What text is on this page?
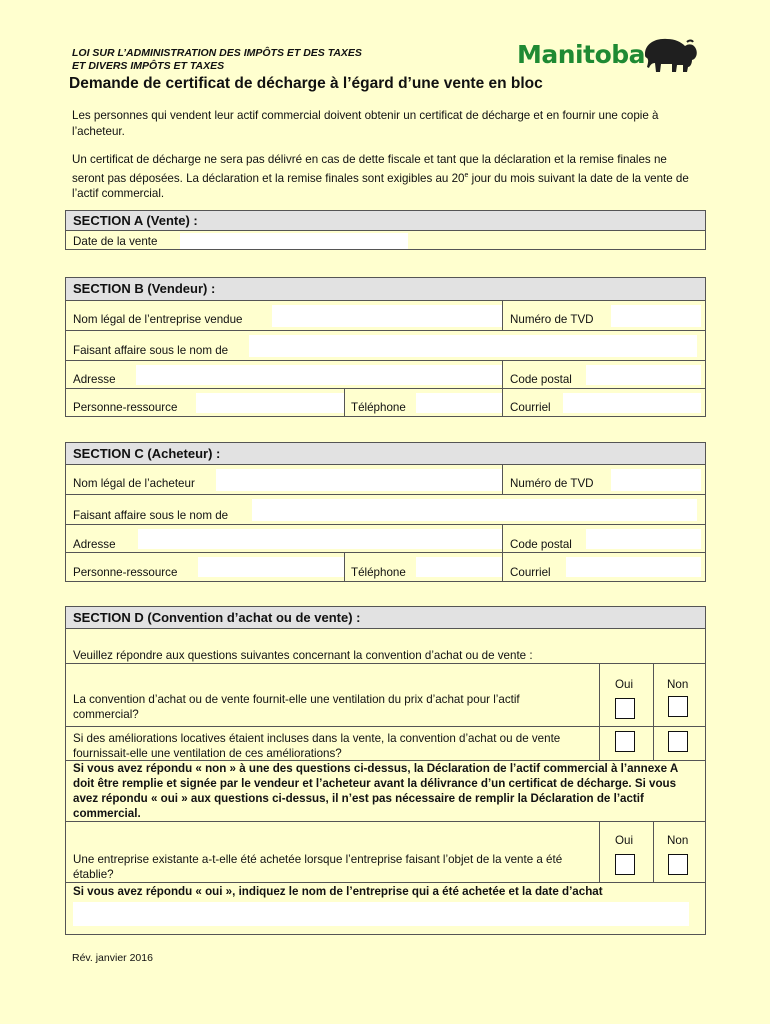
LOI SUR L’ADMINISTRATION DES IMPÔTS ET DES TAXES
ET DIVERS IMPÔTS ET TAXES
Demande de certificat de décharge à l’égard d’une vente en bloc
Manitoba
Les personnes qui vendent leur actif commercial doivent obtenir un certificat de décharge et en fournir une copie à l’acheteur.
Un certificat de décharge ne sera pas délivré en cas de dette fiscale et tant que la déclaration et la remise finales ne seront pas déposées. La déclaration et la remise finales sont exigibles au 20e jour du mois suivant la date de la vente de l’actif commercial.
SECTION A (Vente) :
Date de la vente
SECTION B (Vendeur) :
Nom légal de l’entreprise vendue	Numéro de TVD
Faisant affaire sous le nom de
Adresse	Code postal
Personne-ressource	Téléphone	Courriel
SECTION C (Acheteur) :
Nom légal de l’acheteur	Numéro de TVD
Faisant affaire sous le nom de
Adresse	Code postal
Personne-ressource	Téléphone	Courriel
SECTION D (Convention d’achat ou de vente) :
Veuillez répondre aux questions suivantes concernant la convention d’achat ou de vente :
Oui	Non
La convention d’achat ou de vente fournit-elle une ventilation du prix d’achat pour l’actif commercial?
Si des améliorations locatives étaient incluses dans la vente, la convention d’achat ou de vente fournissait-elle une ventilation de ces améliorations?
Si vous avez répondu « non » à une des questions ci-dessus, la Déclaration de l’actif commercial à l’annexe A doit être remplie et signée par le vendeur et l’acheteur avant la délivrance d’un certificat de décharge. Si vous avez répondu « oui » aux questions ci-dessus, il n’est pas nécessaire de remplir la Déclaration de l’actif commercial.
Oui	Non
Une entreprise existante a-t-elle été achetée lorsque l’entreprise faisant l’objet de la vente a été établie?
Si vous avez répondu « oui », indiquez le nom de l’entreprise qui a été achetée et la date d’achat
Rév. janvier 2016
